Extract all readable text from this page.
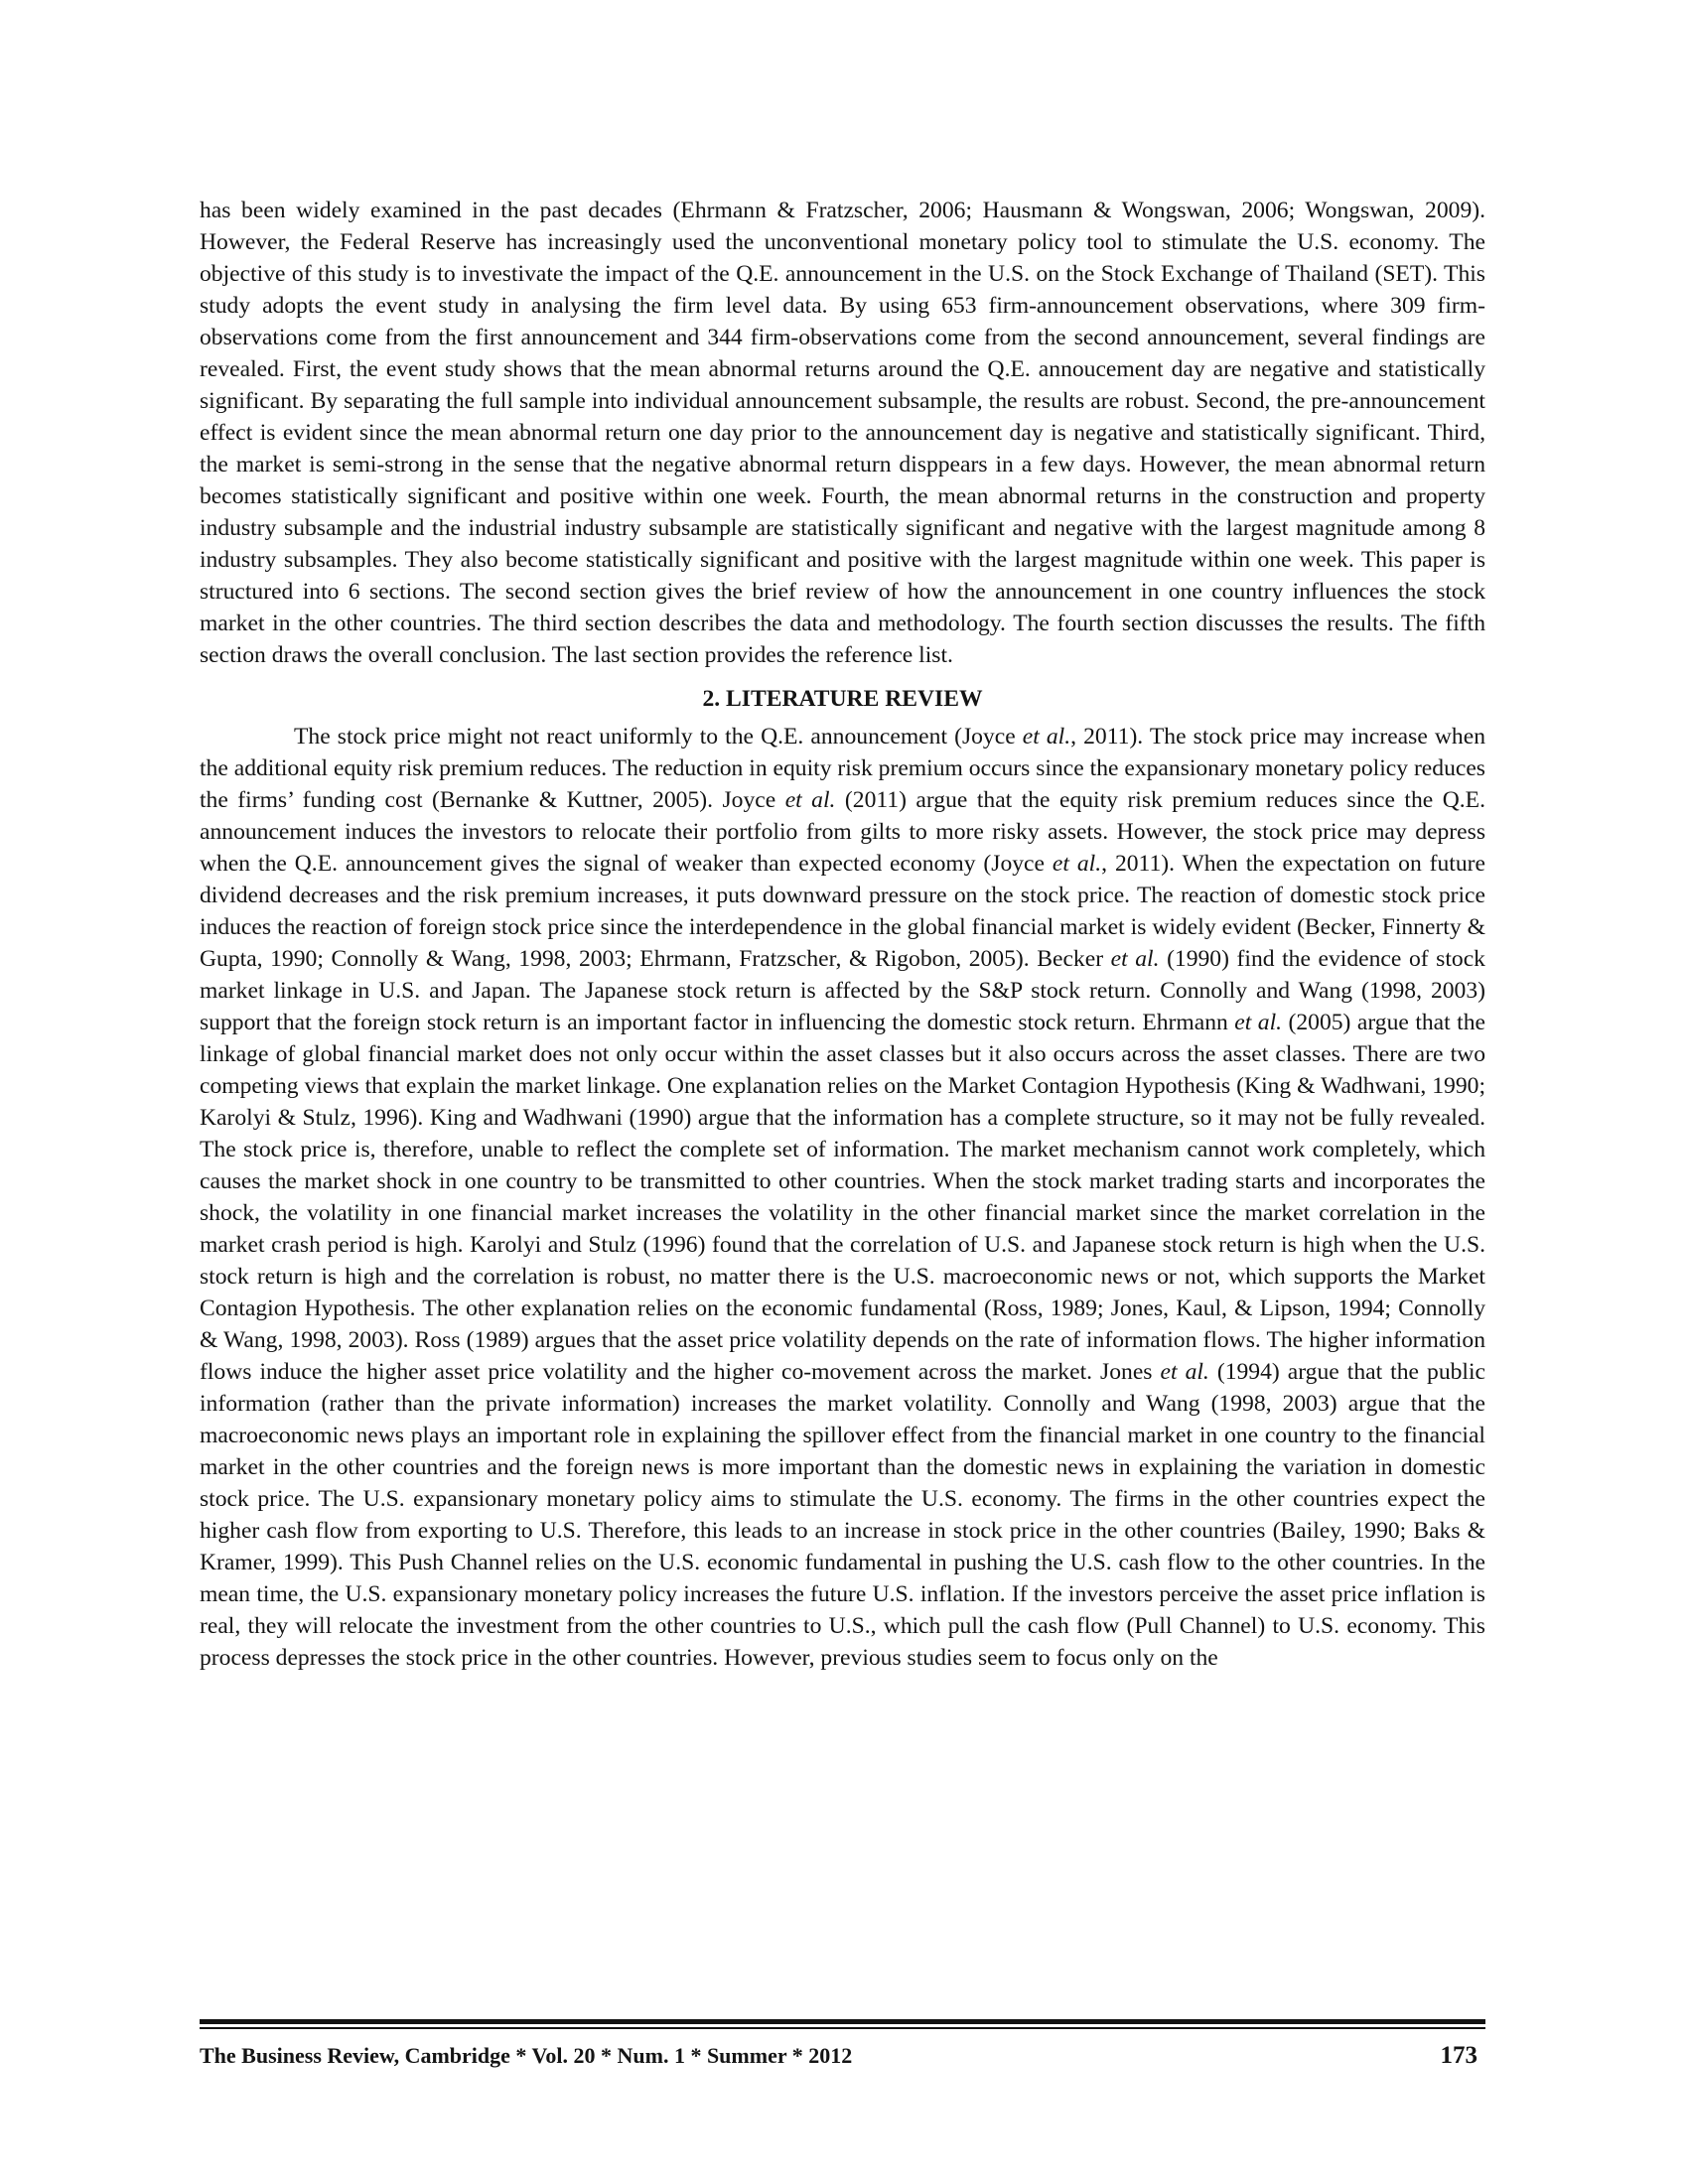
has been widely examined in the past decades (Ehrmann & Fratzscher, 2006; Hausmann & Wongswan, 2006; Wongswan, 2009). However, the Federal Reserve has increasingly used the unconventional monetary policy tool to stimulate the U.S. economy. The objective of this study is to investivate the impact of the Q.E. announcement in the U.S. on the Stock Exchange of Thailand (SET). This study adopts the event study in analysing the firm level data. By using 653 firm-announcement observations, where 309 firm-observations come from the first announcement and 344 firm-observations come from the second announcement, several findings are revealed. First, the event study shows that the mean abnormal returns around the Q.E. annoucement day are negative and statistically significant. By separating the full sample into individual announcement subsample, the results are robust. Second, the pre-announcement effect is evident since the mean abnormal return one day prior to the announcement day is negative and statistically significant. Third, the market is semi-strong in the sense that the negative abnormal return disppears in a few days. However, the mean abnormal return becomes statistically significant and positive within one week. Fourth, the mean abnormal returns in the construction and property industry subsample and the industrial industry subsample are statistically significant and negative with the largest magnitude among 8 industry subsamples. They also become statistically significant and positive with the largest magnitude within one week. This paper is structured into 6 sections. The second section gives the brief review of how the announcement in one country influences the stock market in the other countries. The third section describes the data and methodology. The fourth section discusses the results. The fifth section draws the overall conclusion. The last section provides the reference list.

2. LITERATURE REVIEW

The stock price might not react uniformly to the Q.E. announcement (Joyce et al., 2011). The stock price may increase when the additional equity risk premium reduces. The reduction in equity risk premium occurs since the expansionary monetary policy reduces the firms’ funding cost (Bernanke & Kuttner, 2005). Joyce et al. (2011) argue that the equity risk premium reduces since the Q.E. announcement induces the investors to relocate their portfolio from gilts to more risky assets. However, the stock price may depress when the Q.E. announcement gives the signal of weaker than expected economy (Joyce et al., 2011). When the expectation on future dividend decreases and the risk premium increases, it puts downward pressure on the stock price. The reaction of domestic stock price induces the reaction of foreign stock price since the interdependence in the global financial market is widely evident (Becker, Finnerty & Gupta, 1990; Connolly & Wang, 1998, 2003; Ehrmann, Fratzscher, & Rigobon, 2005). Becker et al. (1990) find the evidence of stock market linkage in U.S. and Japan. The Japanese stock return is affected by the S&P stock return. Connolly and Wang (1998, 2003) support that the foreign stock return is an important factor in influencing the domestic stock return. Ehrmann et al. (2005) argue that the linkage of global financial market does not only occur within the asset classes but it also occurs across the asset classes. There are two competing views that explain the market linkage. One explanation relies on the Market Contagion Hypothesis (King & Wadhwani, 1990; Karolyi & Stulz, 1996). King and Wadhwani (1990) argue that the information has a complete structure, so it may not be fully revealed. The stock price is, therefore, unable to reflect the complete set of information. The market mechanism cannot work completely, which causes the market shock in one country to be transmitted to other countries. When the stock market trading starts and incorporates the shock, the volatility in one financial market increases the volatility in the other financial market since the market correlation in the market crash period is high. Karolyi and Stulz (1996) found that the correlation of U.S. and Japanese stock return is high when the U.S. stock return is high and the correlation is robust, no matter there is the U.S. macroeconomic news or not, which supports the Market Contagion Hypothesis. The other explanation relies on the economic fundamental (Ross, 1989; Jones, Kaul, & Lipson, 1994; Connolly & Wang, 1998, 2003). Ross (1989) argues that the asset price volatility depends on the rate of information flows. The higher information flows induce the higher asset price volatility and the higher co-movement across the market. Jones et al. (1994) argue that the public information (rather than the private information) increases the market volatility. Connolly and Wang (1998, 2003) argue that the macroeconomic news plays an important role in explaining the spillover effect from the financial market in one country to the financial market in the other countries and the foreign news is more important than the domestic news in explaining the variation in domestic stock price. The U.S. expansionary monetary policy aims to stimulate the U.S. economy. The firms in the other countries expect the higher cash flow from exporting to U.S. Therefore, this leads to an increase in stock price in the other countries (Bailey, 1990; Baks & Kramer, 1999). This Push Channel relies on the U.S. economic fundamental in pushing the U.S. cash flow to the other countries. In the mean time, the U.S. expansionary monetary policy increases the future U.S. inflation. If the investors perceive the asset price inflation is real, they will relocate the investment from the other countries to U.S., which pull the cash flow (Pull Channel) to U.S. economy. This process depresses the stock price in the other countries. However, previous studies seem to focus only on the

The Business Review, Cambridge * Vol. 20 * Num. 1 * Summer * 2012	173
